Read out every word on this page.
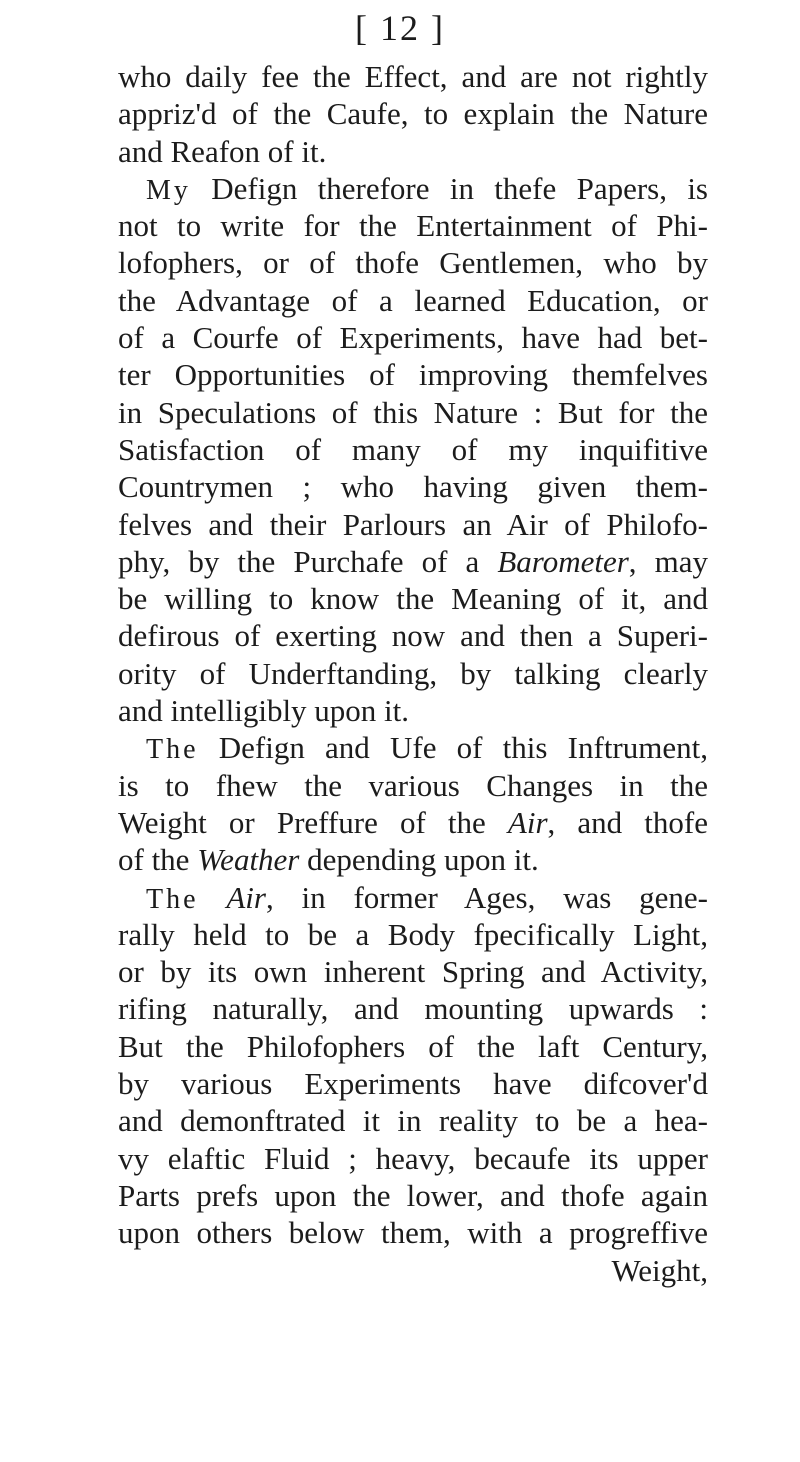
[ 12 ]
who daily fee the Effect, and are not rightly
appriz'd of the Caufe, to explain the Nature
and Reafon of it.
My Defign therefore in thefe Papers, is
not to write for the Entertainment of Phi-
lofophers, or of thofe Gentlemen, who by
the Advantage of a learned Education, or
of a Courfe of Experiments, have had bet-
ter Opportunities of improving themfelves
in Speculations of this Nature : But for the
Satisfaction of many of my inquifitive
Countrymen ; who having given them-
felves and their Parlours an Air of Philofo-
phy, by the Purchafe of a Barometer, may
be willing to know the Meaning of it, and
defirous of exerting now and then a Superi-
ority of Underftanding, by talking clearly
and intelligibly upon it.
The Defign and Ufe of this Inftrument,
is to fhew the various Changes in the
Weight or Preffure of the Air, and thofe
of the Weather depending upon it.
The Air, in former Ages, was gene-
rally held to be a Body fpecifically Light,
or by its own inherent Spring and Activity,
rifing naturally, and mounting upwards :
But the Philofophers of the laft Century,
by various Experiments have difcover'd
and demonftrated it in reality to be a hea-
vy elaftic Fluid ; heavy, becaufe its upper
Parts prefs upon the lower, and thofe again
upon others below them, with a progreffive
Weight,
